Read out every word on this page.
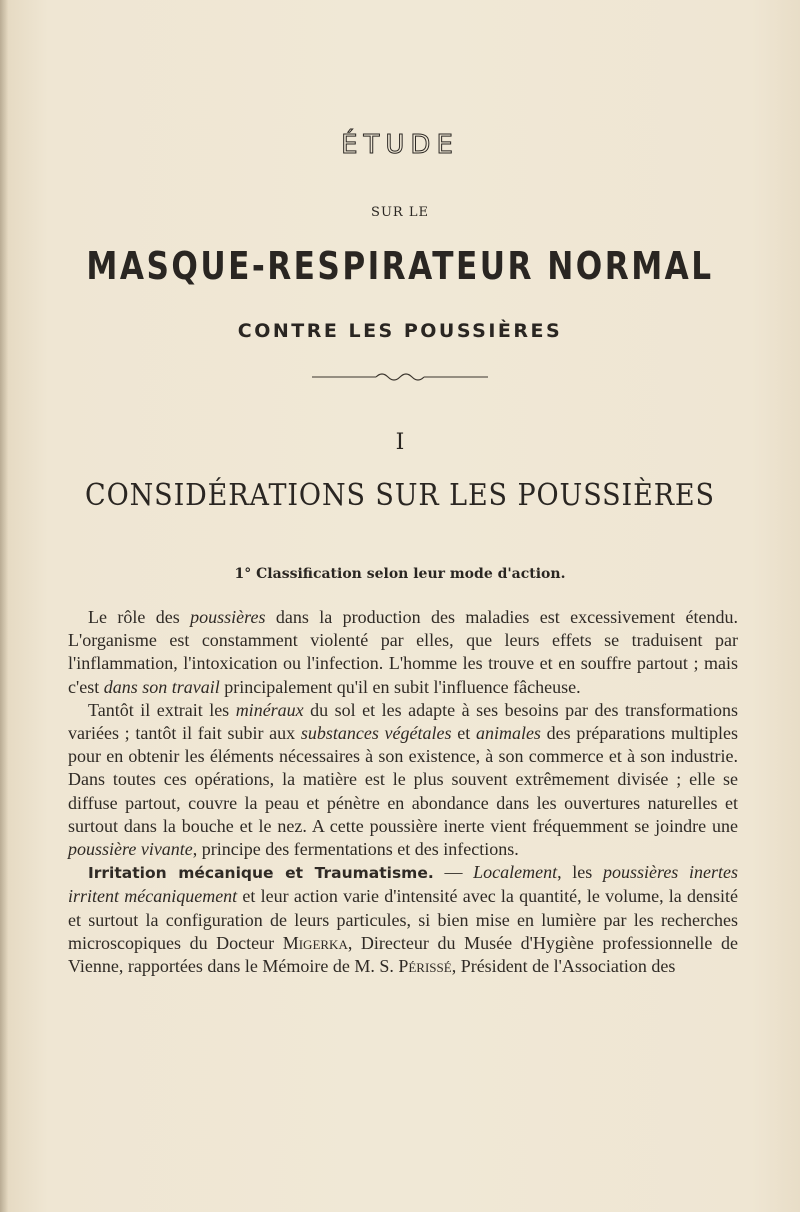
ÉTUDE
SUR LE
MASQUE-RESPIRATEUR NORMAL
CONTRE LES POUSSIÈRES
I
CONSIDÉRATIONS SUR LES POUSSIÈRES
1° Classification selon leur mode d'action.

Le rôle des poussières dans la production des maladies est excessivement étendu. L'organisme est constamment violenté par elles, que leurs effets se traduisent par l'inflammation, l'intoxication ou l'infection. L'homme les trouve et en souffre partout ; mais c'est dans son travail principalement qu'il en subit l'influence fâcheuse.

Tantôt il extrait les minéraux du sol et les adapte à ses besoins par des transformations variées ; tantôt il fait subir aux substances végétales et animales des préparations multiples pour en obtenir les éléments nécessaires à son existence, à son commerce et à son industrie. Dans toutes ces opérations, la matière est le plus souvent extrêmement divisée ; elle se diffuse partout, couvre la peau et pénètre en abondance dans les ouvertures naturelles et surtout dans la bouche et le nez. A cette poussière inerte vient fréquemment se joindre une poussière vivante, principe des fermentations et des infections.

Irritation mécanique et Traumatisme. — Localement, les poussières inertes irritent mécaniquement et leur action varie d'intensité avec la quantité, le volume, la densité et surtout la configuration de leurs particules, si bien mise en lumière par les recherches microscopiques du Docteur Migerka, Directeur du Musée d'Hygiène professionnelle de Vienne, rapportées dans le Mémoire de M. S. Périssé, Président de l'Association des
